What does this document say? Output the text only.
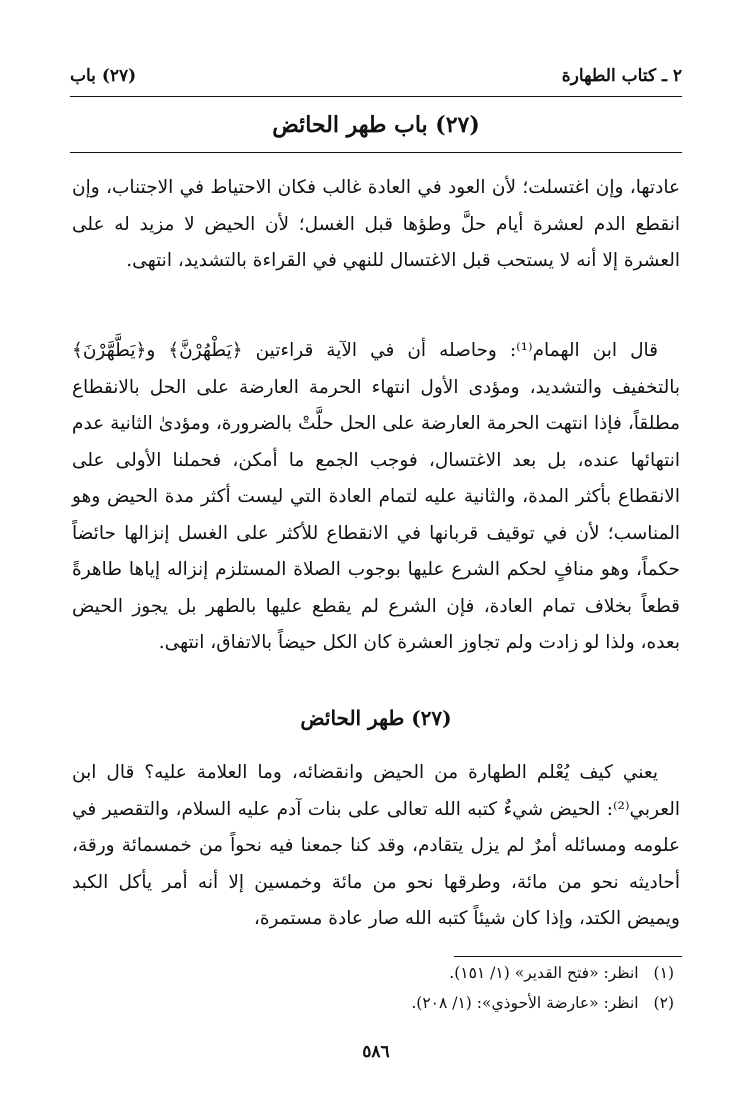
٢ ـ كتاب الطهارة
(٢٧) باب
(٢٧) باب طهر الحائض

عادتها، وإن اغتسلت؛ لأن العود في العادة غالب فكان الاحتياط في الاجتناب، وإن انقطع الدم لعشرة أيام حلَّ وطؤها قبل الغسل؛ لأن الحيض لا مزيد له على العشرة إلا أنه لا يستحب قبل الاغتسال للنهي في القراءة بالتشديد، انتهى.

قال ابن الهمام⁽¹⁾: وحاصله أن في الآية قراءتين ﴿يَطْهُرْنَّ﴾ و﴿يَطَّهَّرْنَ﴾ بالتخفيف والتشديد، ومؤدى الأول انتهاء الحرمة العارضة على الحل بالانقطاع مطلقاً، فإذا انتهت الحرمة العارضة على الحل حلَّتْ بالضرورة، ومؤدىٰ الثانية عدم انتهائها عنده، بل بعد الاغتسال، فوجب الجمع ما أمكن، فحملنا الأولى على الانقطاع بأكثر المدة، والثانية عليه لتمام العادة التي ليست أكثر مدة الحيض وهو المناسب؛ لأن في توقيف قربانها في الانقطاع للأكثر على الغسل إنزالها حائضاً حكماً، وهو منافٍ لحكم الشرع عليها بوجوب الصلاة المستلزم إنزاله إياها طاهرةً قطعاً بخلاف تمام العادة، فإن الشرع لم يقطع عليها بالطهر بل يجوز الحيض بعده، ولذا لو زادت ولم تجاوز العشرة كان الكل حيضاً بالاتفاق، انتهى.

(٢٧) طهر الحائض

يعني كيف يُعْلم الطهارة من الحيض وانقضائه، وما العلامة عليه؟ قال ابن العربي⁽²⁾: الحيض شيءٌ كتبه الله تعالى على بنات آدم عليه السلام، والتقصير في علومه ومسائله أمرٌ لم يزل يتقادم، وقد كنا جمعنا فيه نحواً من خمسمائة ورقة، أحاديثه نحو من مائة، وطرقها نحو من مائة وخمسين إلا أنه أمر يأكل الكبد ويميض الكتد، وإذا كان شيئاً كتبه الله صار عادة مستمرة،

(١) انظر: «فتح القدير» (١/ ١٥١).
(٢) انظر: «عارضة الأحوذي»: (١/ ٢٠٨).
٥٨٦
